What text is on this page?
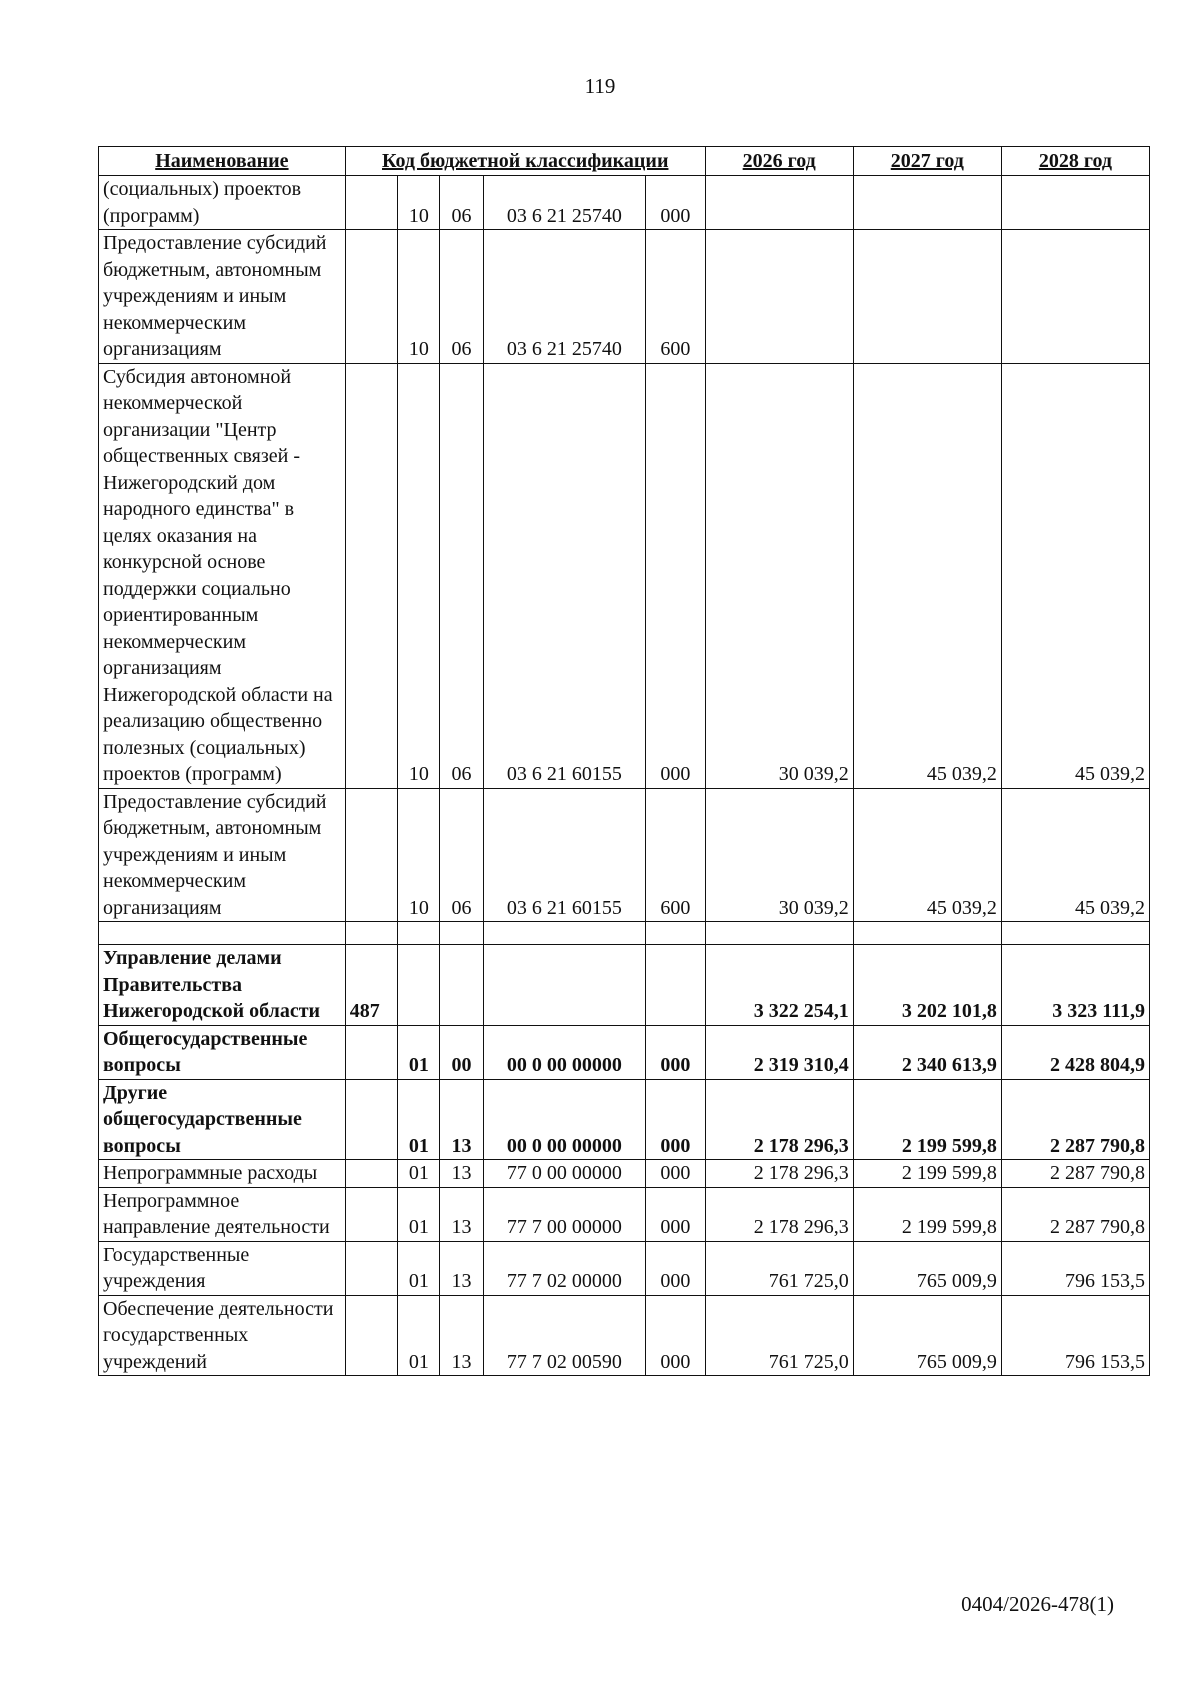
119
Наименование	Код бюджетной классификации					2026 год	2027 год	2028 год
(социальных) проектов (программ)		10	06	03 6 21 25740	000			
Предоставление субсидий бюджетным, автономным учреждениям и иным некоммерческим организациям		10	06	03 6 21 25740	600			
Субсидия автономной некоммерческой организации "Центр общественных связей - Нижегородский дом народного единства" в целях оказания на конкурсной основе поддержки социально ориентированным некоммерческим организациям Нижегородской области на реализацию общественно полезных (социальных) проектов (программ)		10	06	03 6 21 60155	000	30 039,2	45 039,2	45 039,2
Предоставление субсидий бюджетным, автономным учреждениям и иным некоммерческим организациям		10	06	03 6 21 60155	600	30 039,2	45 039,2	45 039,2

Управление делами Правительства Нижегородской области	487					3 322 254,1	3 202 101,8	3 323 111,9
Общегосударственные вопросы		01	00	00 0 00 00000	000	2 319 310,4	2 340 613,9	2 428 804,9
Другие общегосударственные вопросы		01	13	00 0 00 00000	000	2 178 296,3	2 199 599,8	2 287 790,8
Непрограммные расходы		01	13	77 0 00 00000	000	2 178 296,3	2 199 599,8	2 287 790,8
Непрограммное направление деятельности		01	13	77 7 00 00000	000	2 178 296,3	2 199 599,8	2 287 790,8
Государственные учреждения		01	13	77 7 02 00000	000	761 725,0	765 009,9	796 153,5
Обеспечение деятельности государственных учреждений		01	13	77 7 02 00590	000	761 725,0	765 009,9	796 153,5
0404/2026-478(1)
